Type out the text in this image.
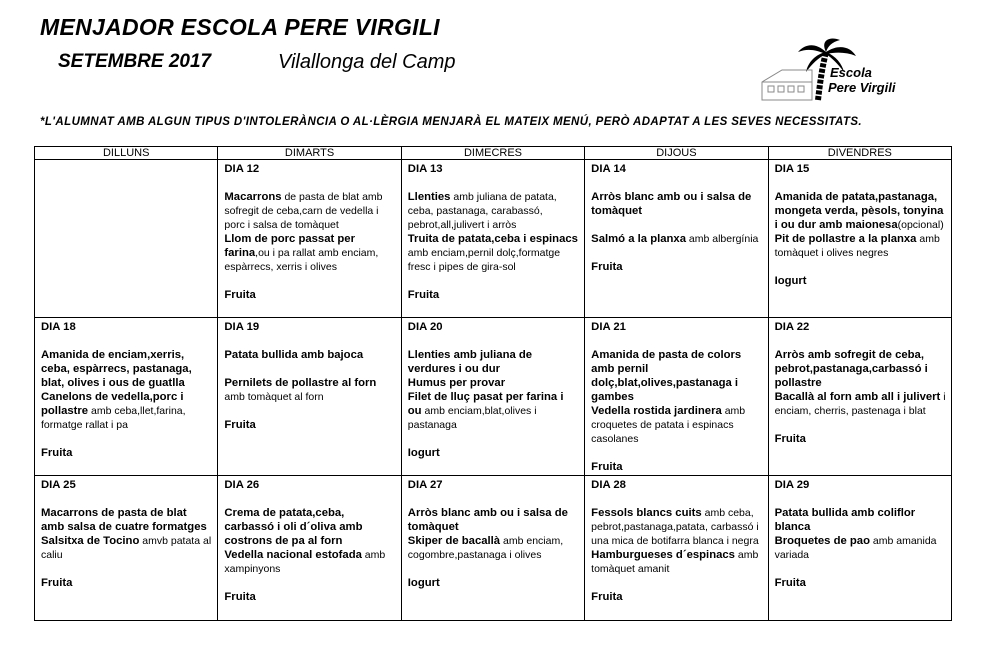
MENJADOR ESCOLA PERE VIRGILI
SETEMBRE 2017	Vilallonga del Camp	Escola
Pere Virgili
*L'ALUMNAT AMB ALGUN TIPUS D'INTOLERÀNCIA O AL·LÈRGIA MENJARÀ EL MATEIX MENÚ, PERÒ ADAPTAT A LES SEVES NECESSITATS.
DILLUNS	DIMARTS	DIMECRES	DIJOUS	DIVENDRES

	DIA 12
Macarrons de pasta de blat amb sofregit de ceba,carn de vedella i porc i salsa de tomàquet
Llom de porc passat per farina,ou i pa rallat amb enciam, espàrrecs, xerris i olives
Fruita	DIA 13
Llenties amb juliana de patata, ceba, pastanaga, carabassó, pebrot,all,julivert i arròs
Truita de patata,ceba i espinacs amb enciam,pernil dolç,formatge fresc i pipes de gira-sol
Fruita	DIA 14
Arròs blanc amb ou i salsa de tomàquet
Salmó a la planxa amb albergínia
Fruita	DIA 15
Amanida de patata,pastanaga, mongeta verda, pèsols, tonyina i ou dur amb maionesa(opcional)
Pit de pollastre a la planxa amb tomàquet i olives negres
Iogurt

DIA 18
Amanida de enciam,xerris, ceba, espàrrecs, pastanaga, blat, olives i ous de guatlla
Canelons de vedella,porc i pollastre amb ceba,llet,farina, formatge rallat i pa
Fruita	DIA 19
Patata bullida amb bajoca
Pernilets de pollastre al forn amb tomàquet al forn
Fruita	DIA 20
Llenties amb juliana de verdures i ou dur
Humus per provar
Filet de lluç pasat per farina i ou amb enciam,blat,olives i pastanaga
Iogurt	DIA 21
Amanida de pasta de colors amb pernil dolç,blat,olives,pastanaga i gambes
Vedella rostida jardinera amb croquetes de patata i espinacs casolanes
Fruita	DIA 22
Arròs amb sofregit de ceba, pebrot,pastanaga,carbassó i pollastre
Bacallà al forn amb all i julivert i enciam, cherris, pastenaga i blat
Fruita

DIA 25
Macarrons de pasta de blat amb salsa de cuatre formatges
Salsitxa de Tocino amvb patata al caliu
Fruita	DIA 26
Crema de patata,ceba, carbassó i oli d´oliva amb costrons de pa al forn
Vedella nacional estofada amb xampinyons
Fruita	DIA 27
Arròs blanc amb ou i salsa de tomàquet
Skiper de bacallà amb enciam, cogombre,pastanaga i olives
Iogurt	DIA 28
Fessols blancs cuits amb ceba, pebrot,pastanaga,patata, carbassó i una mica de botifarra blanca i negra
Hamburgueses d´espinacs amb tomàquet amanit
Fruita	DIA 29
Patata bullida amb coliflor blanca
Broquetes de pao amb amanida variada
Fruita
